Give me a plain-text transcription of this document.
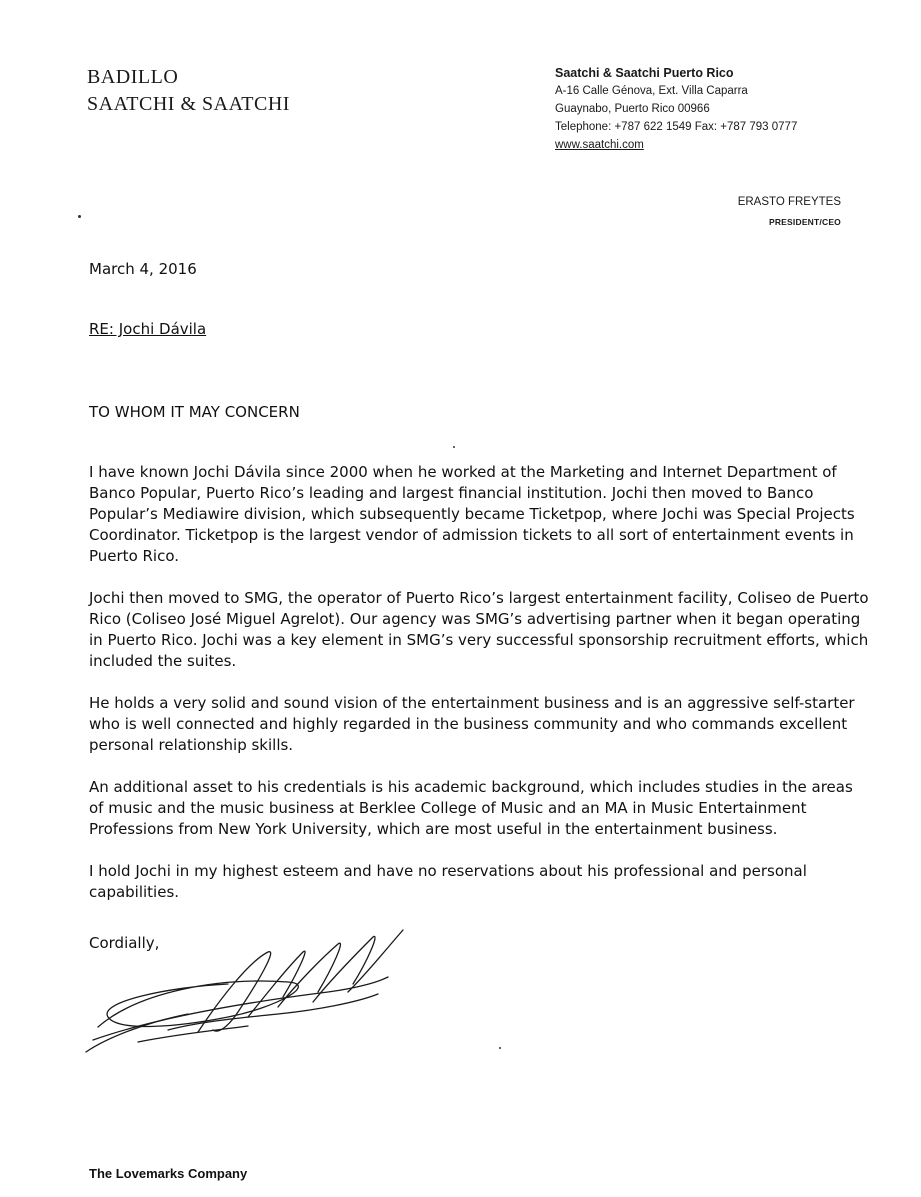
BADILLO
SAATCHI & SAATCHI
Saatchi & Saatchi Puerto Rico
A-16 Calle Génova, Ext. Villa Caparra
Guaynabo, Puerto Rico 00966
Telephone: +787 622 1549 Fax: +787 793 0777
www.saatchi.com
ERASTO FREYTES
PRESIDENT/CEO
March 4, 2016
RE: Jochi Dávila
TO WHOM IT MAY CONCERN

I have known Jochi Dávila since 2000 when he worked at the Marketing and Internet Department of Banco Popular, Puerto Rico’s leading and largest financial institution. Jochi then moved to Banco Popular’s Mediawire division, which subsequently became Ticketpop, where Jochi was Special Projects Coordinator. Ticketpop is the largest vendor of admission tickets to all sort of entertainment events in Puerto Rico.

Jochi then moved to SMG, the operator of Puerto Rico’s largest entertainment facility, Coliseo de Puerto Rico (Coliseo José Miguel Agrelot). Our agency was SMG’s advertising partner when it began operating in Puerto Rico. Jochi was a key element in SMG’s very successful sponsorship recruitment efforts, which included the suites.

He holds a very solid and sound vision of the entertainment business and is an aggressive self-starter who is well connected and highly regarded in the business community and who commands excellent personal relationship skills.

An additional asset to his credentials is his academic background, which includes studies in the areas of music and the music business at Berklee College of Music and an MA in Music Entertainment Professions from New York University, which are most useful in the entertainment business.

I hold Jochi in my highest esteem and have no reservations about his professional and personal capabilities.

Cordially,
The Lovemarks Company
